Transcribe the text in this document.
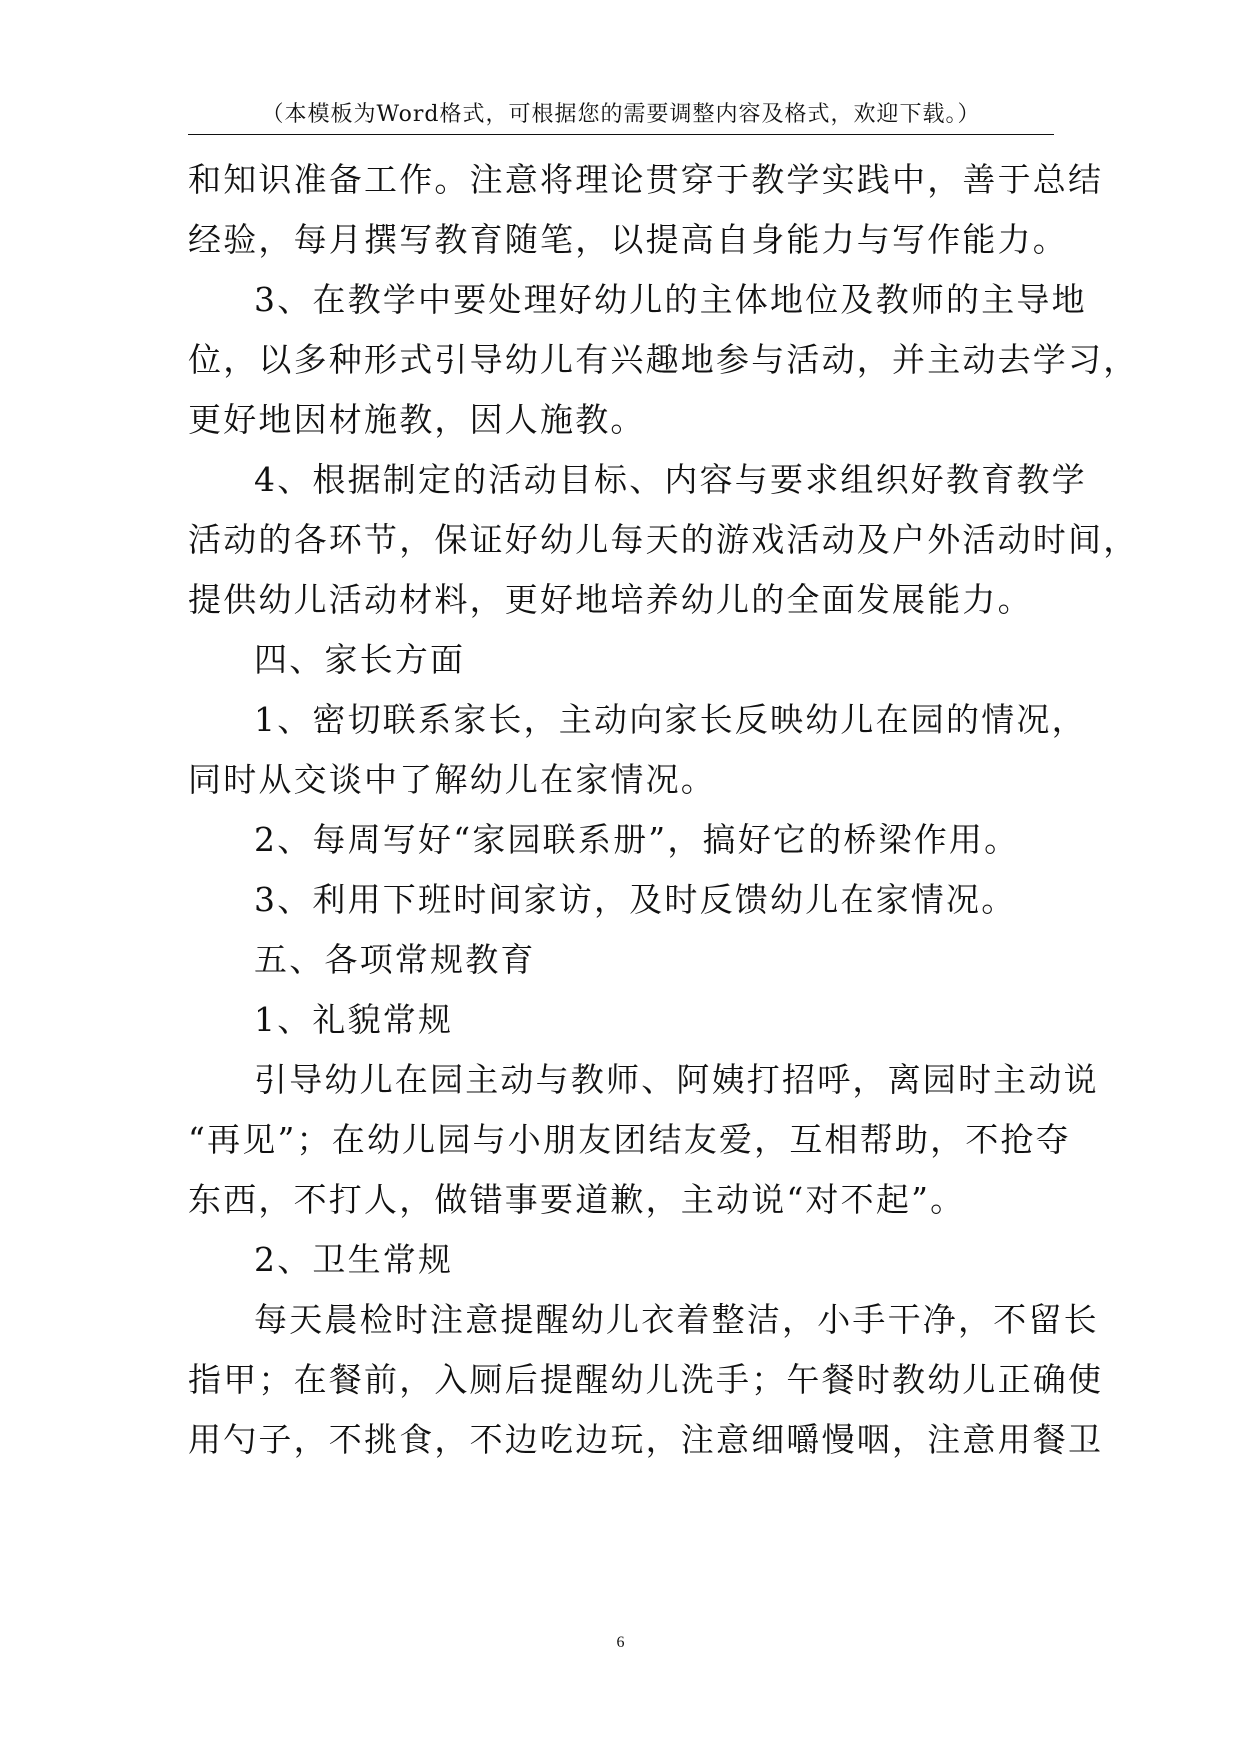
（本模板为Word格式，可根据您的需要调整内容及格式，欢迎下载。）
和知识准备工作。注意将理论贯穿于教学实践中，善于总结
经验，每月撰写教育随笔，以提高自身能力与写作能力。
3、在教学中要处理好幼儿的主体地位及教师的主导地
位，以多种形式引导幼儿有兴趣地参与活动，并主动去学习，
更好地因材施教，因人施教。
4、根据制定的活动目标、内容与要求组织好教育教学
活动的各环节，保证好幼儿每天的游戏活动及户外活动时间，
提供幼儿活动材料，更好地培养幼儿的全面发展能力。
四、家长方面
1、密切联系家长，主动向家长反映幼儿在园的情况，
同时从交谈中了解幼儿在家情况。
2、每周写好“家园联系册”，搞好它的桥梁作用。
3、利用下班时间家访，及时反馈幼儿在家情况。
五、各项常规教育
1、礼貌常规
引导幼儿在园主动与教师、阿姨打招呼，离园时主动说
“再见”；在幼儿园与小朋友团结友爱，互相帮助，不抢夺
东西，不打人，做错事要道歉，主动说“对不起”。
2、卫生常规
每天晨检时注意提醒幼儿衣着整洁，小手干净，不留长
指甲；在餐前，入厕后提醒幼儿洗手；午餐时教幼儿正确使
用勺子，不挑食，不边吃边玩，注意细嚼慢咽，注意用餐卫
6
